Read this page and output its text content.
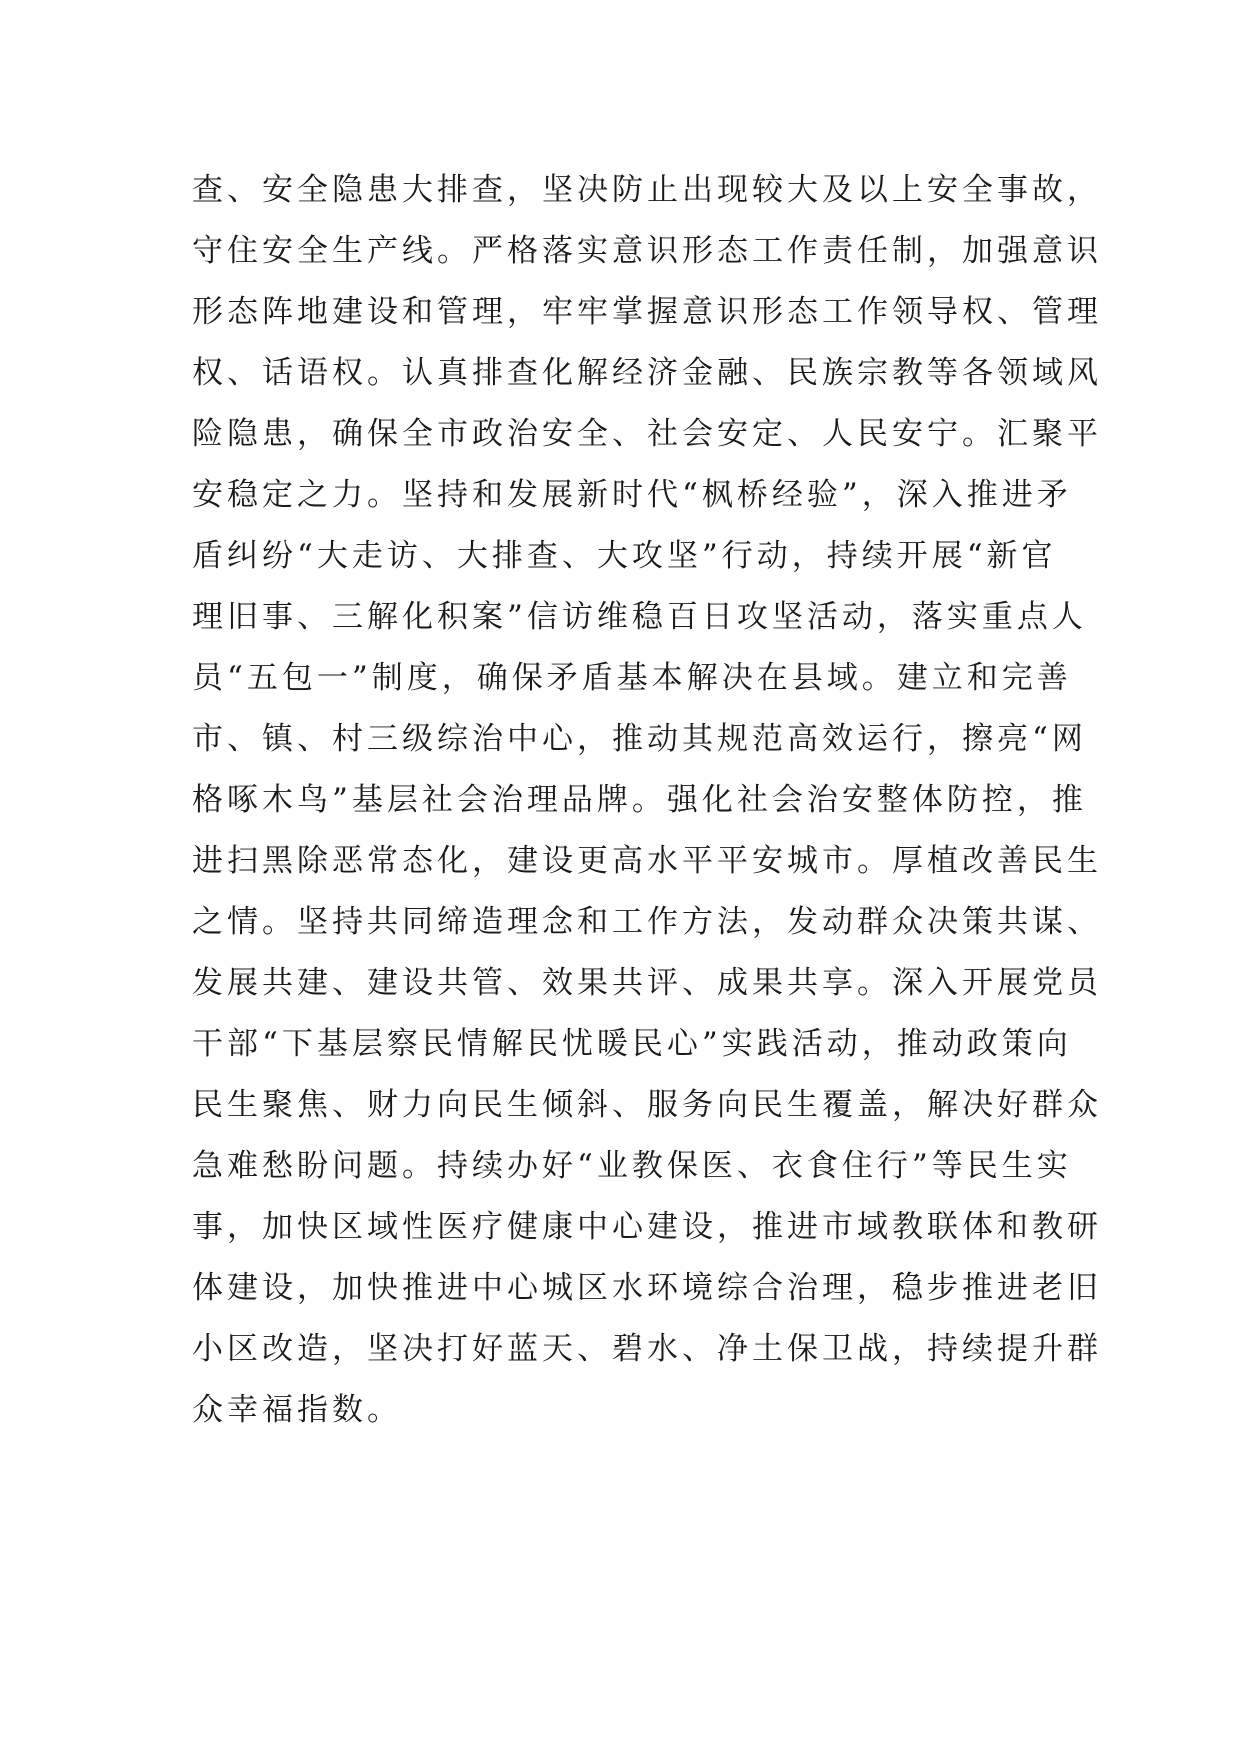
查、安全隐患大排查，坚决防止出现较大及以上安全事故，
守住安全生产线。严格落实意识形态工作责任制，加强意识
形态阵地建设和管理，牢牢掌握意识形态工作领导权、管理
权、话语权。认真排查化解经济金融、民族宗教等各领域风
险隐患，确保全市政治安全、社会安定、人民安宁。汇聚平
安稳定之力。坚持和发展新时代“枫桥经验”，深入推进矛
盾纠纷“大走访、大排查、大攻坚”行动，持续开展“新官
理旧事、三解化积案”信访维稳百日攻坚活动，落实重点人
员“五包一”制度，确保矛盾基本解决在县域。建立和完善
市、镇、村三级综治中心，推动其规范高效运行，擦亮“网
格啄木鸟”基层社会治理品牌。强化社会治安整体防控，推
进扫黑除恶常态化，建设更高水平平安城市。厚植改善民生
之情。坚持共同缔造理念和工作方法，发动群众决策共谋、
发展共建、建设共管、效果共评、成果共享。深入开展党员
干部“下基层察民情解民忧暖民心”实践活动，推动政策向
民生聚焦、财力向民生倾斜、服务向民生覆盖，解决好群众
急难愁盼问题。持续办好“业教保医、衣食住行”等民生实
事，加快区域性医疗健康中心建设，推进市域教联体和教研
体建设，加快推进中心城区水环境综合治理，稳步推进老旧
小区改造，坚决打好蓝天、碧水、净土保卫战，持续提升群
众幸福指数。
